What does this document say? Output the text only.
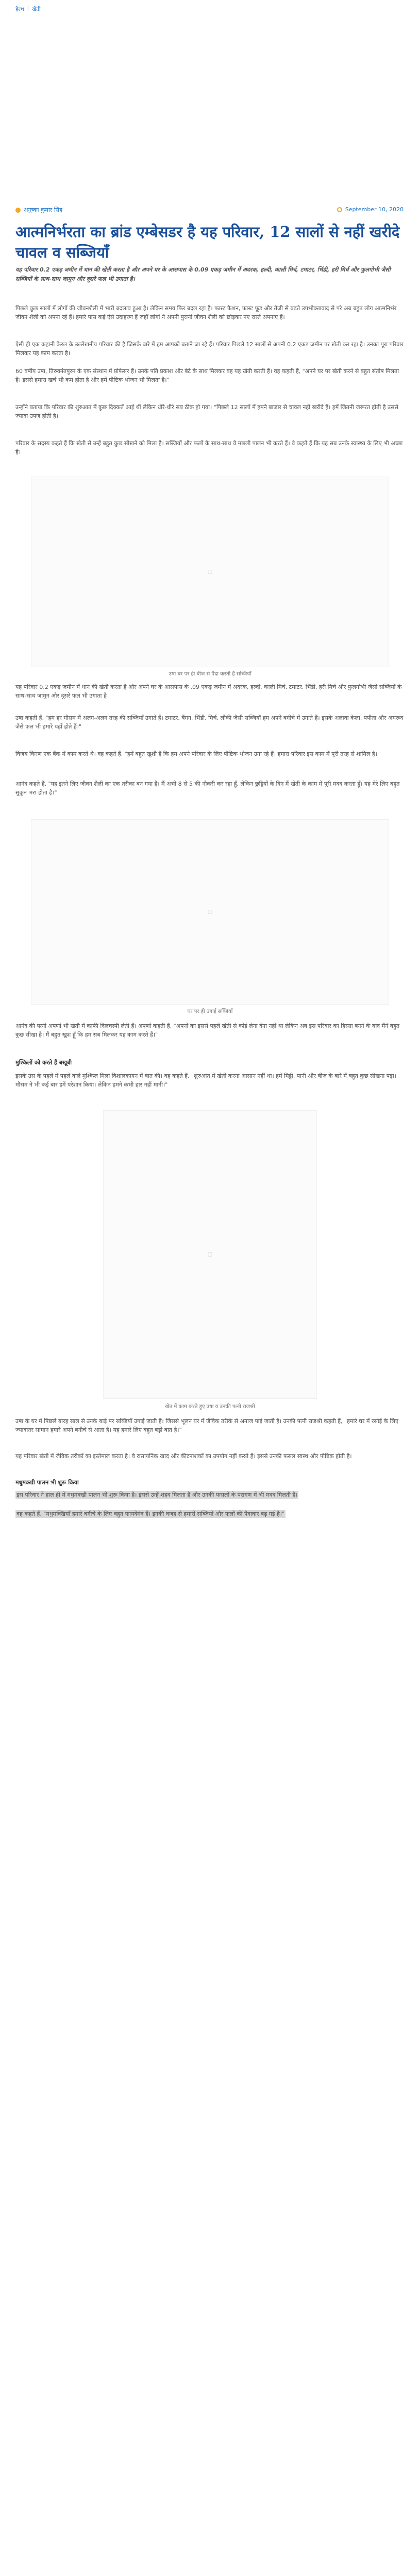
हेल्थ | खेती
अनुष्का कुमार सिंह	September 10, 2020
आत्मनिर्भरता का ब्रांड एम्बेसडर है यह परिवार, 12 सालों से नहीं खरीदे चावल व सब्जियाँ

यह परिवार 0.2 एकड़ जमीन में धान की खेती करता है और अपने घर के आसपास के 0.09 एकड़ जमीन में अदरक, हल्दी, काली मिर्च, टमाटर, भिंडी, हरी मिर्च और फुलगोभी जैसी सब्जियों के साथ-साथ जामुन और दूसरे फल भी उगाता है।

पिछले कुछ सालों में लोगों की जीवनशैली में भारी बदलाव हुआ है। लेकिन समय फिर बदल रहा है। फास्ट फैशन, फास्ट फूड और तेजी से बढ़ते उपभोक्तावाद से परे अब बहुत लोग आत्मनिर्भर जीवन शैली को अपना रहे हैं। हमारे पास कई ऐसे उदाहरण हैं जहाँ लोगों ने अपनी पुरानी जीवन शैली को छोड़कर नए रास्ते अपनाए हैं।

ऐसी ही एक कहानी केरल के उल्लेखनीय परिवार की है जिसके बारे में हम आपको बताने जा रहे हैं। परिवार पिछले 12 सालों से अपनी 0.2 एकड़ जमीन पर खेती कर रहा है। उनका पूरा परिवार मिलकर यह काम करता है।

60 वर्षीय उषा, तिरुवनंतपुरम के एक संस्थान में प्रोफेसर हैं। उनके पति प्रकाश और बेटे के साथ मिलकर वह यह खेती करती हैं। वह कहती हैं, "अपने घर पर खेती करने से बहुत संतोष मिलता है। इससे हमारा खर्च भी कम होता है और हमें पौष्टिक भोजन भी मिलता है।"

उन्होंने बताया कि परिवार की शुरुआत में कुछ दिक्कतें आई थीं लेकिन धीरे-धीरे सब ठीक हो गया। "पिछले 12 सालों में हमने बाजार से चावल नहीं खरीदे हैं। हमें जितनी जरूरत होती है उससे ज्यादा उपज होती है।"

परिवार के सदस्य कहते हैं कि खेती से उन्हें बहुत कुछ सीखने को मिला है। सब्जियों और फलों के साथ-साथ वे मछली पालन भी करते हैं। वे कहते हैं कि यह सब उनके स्वास्थ्य के लिए भी अच्छा है।

▢

उषा घर पर ही बीज से पैदा करती हैं सब्जियाँ

यह परिवार 0.2 एकड़ जमीन में धान की खेती करता है और अपने घर के आसपास के .09 एकड़ जमीन में अदरक, हल्दी, काली मिर्च, टमाटर, भिंडी, हरी मिर्च और फुलगोभी जैसी सब्जियों के साथ-साथ जामुन और दूसरे फल भी उगाता है।

उषा कहती हैं, "हम हर मौसम में अलग-अलग तरह की सब्जियाँ उगाते हैं। टमाटर, बैंगन, भिंडी, मिर्च, लौकी जैसी सब्जियाँ हम अपने बगीचे में उगाते हैं। इसके अलावा केला, पपीता और अमरूद जैसे फल भी हमारे यहाँ होते हैं।"

विजय किरण एक बैंक में काम करते थे। वह कहते हैं, "हमें बहुत खुशी है कि हम अपने परिवार के लिए पौष्टिक भोजन उगा रहे हैं। हमारा परिवार इस काम में पूरी तरह से शामिल है।"

आनंद कहते हैं, "यह इतने लिए जीवन शैली का एक तरीका बन गया है। मैं अभी 8 से 5 की नौकरी कर रहा हूँ, लेकिन छुट्टियों के दिन मैं खेती के काम में पूरी मदद करता हूँ। यह मेरे लिए बहुत सुकून भरा होता है।"

▢

घर पर ही उगाई सब्जियाँ

आनंद की पत्नी अपर्णा भी खेती में काफी दिलचस्पी लेती हैं। अपर्णा कहती हैं, "अपनों का इससे पहले खेती से कोई लेना देना नहीं था लेकिन अब इस परिवार का हिस्सा बनने के बाद मैंने बहुत कुछ सीखा है। मैं बहुत खुश हूँ कि हम सब मिलकर यह काम करते हैं।"

मुश्किलों को करते हैं बखूबी

इसके उस के पहले में पहले वाले मुश्किल मिला विशालकायन में बात की। वह कहते हैं, "शुरुआत में खेती करना आसान नहीं था। हमें मिट्टी, पानी और बीज के बारे में बहुत कुछ सीखना पड़ा। मौसम ने भी कई बार हमें परेशान किया। लेकिन हमने कभी हार नहीं मानी।"

▢

खेत में काम करते हुए उषा व उनकी पत्नी राजश्री

उषा के घर में पिछले बारह साल से उनके बाड़े पर सब्जियाँ उगाई जाती हैं। जिससे भूलन घर में जैविक तरीके से अनाज पाई जाती है। उनकी पत्नी राजश्री कहती हैं, "हमारे घर में रसोई के लिए ज्यादातर सामान हमारे अपने बगीचे से आता है। यह हमारे लिए बहुत बड़ी बात है।"

यह परिवार खेती में जैविक तरीकों का इस्तेमाल करता है। वे रासायनिक खाद और कीटनाशकों का उपयोग नहीं करते हैं। इससे उनकी फसल स्वस्थ और पौष्टिक होती है।

मधुमक्खी पालन भी शुरू किया

इस परिवार ने हाल ही में मधुमक्खी पालन भी शुरू किया है। इससे उन्हें शहद मिलता है और उनकी फसलों के परागण में भी मदद मिलती है।
वह कहते हैं, "मधुमक्खियाँ हमारे बगीचे के लिए बहुत फायदेमंद हैं। इनकी वजह से हमारी सब्जियों और फलों की पैदावार बढ़ गई है।"
